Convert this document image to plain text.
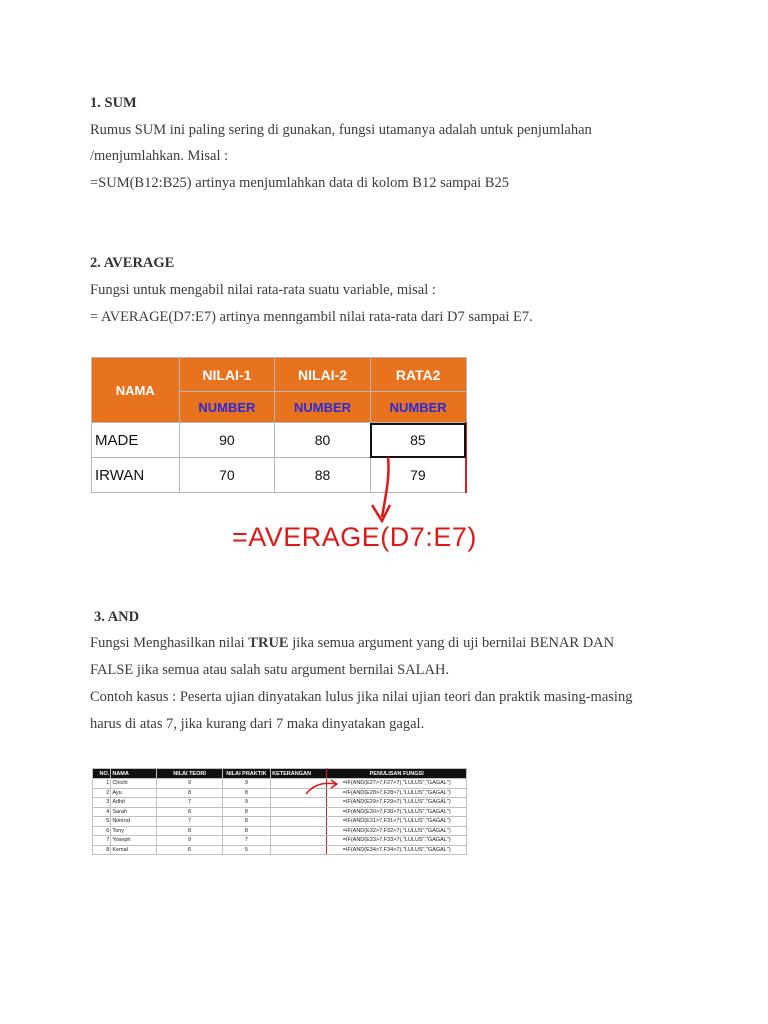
1. SUM
Rumus SUM ini paling sering di gunakan, fungsi utamanya adalah untuk penjumlahan
/menjumlahkan. Misal :
=SUM(B12:B25) artinya menjumlahkan data di kolom B12 sampai B25
2. AVERAGE
Fungsi untuk mengabil nilai rata-rata suatu variable, misal :
= AVERAGE(D7:E7) artinya menngambil nilai rata-rata dari D7 sampai E7.
NAMA	NILAI-1	NILAI-2	RATA2
	NUMBER	NUMBER	NUMBER
MADE	90	80	85
IRWAN	70	88	79
=AVERAGE(D7:E7)
3. AND
Fungsi Menghasilkan nilai TRUE jika semua argument yang di uji bernilai BENAR DAN
FALSE jika semua atau salah satu argument bernilai SALAH.
Contoh kasus : Peserta ujian dinyatakan lulus jika nilai ujian teori dan praktik masing-masing
harus di atas 7, jika kurang dari 7 maka dinyatakan gagal.
NO.	NAMA	NILAI TEORI	NILAI PRAKTIK	KETERANGAN	PENULISAN FUNGSI
1	Chichi	9	9		=IF(AND(E27>7,F27>7),"LULUS","GAGAL")
2	Ayu	8	8		=IF(AND(E28>7,F28>7),"LULUS","GAGAL")
3	Adhit	7	9		=IF(AND(E29>7,F29>7),"LULUS","GAGAL")
4	Sarah	6	8		=IF(AND(E30>7,F30>7),"LULUS","GAGAL")
5	Nimrod	7	8		=IF(AND(E31>7,F31>7),"LULUS","GAGAL")
6	Tony	8	8		=IF(AND(E32>7,F32>7),"LULUS","GAGAL")
7	Yoseph	9	7		=IF(AND(E33>7,F33>7),"LULUS","GAGAL")
8	Kemal	6	5		=IF(AND(E34>7,F34>7),"LULUS","GAGAL")
